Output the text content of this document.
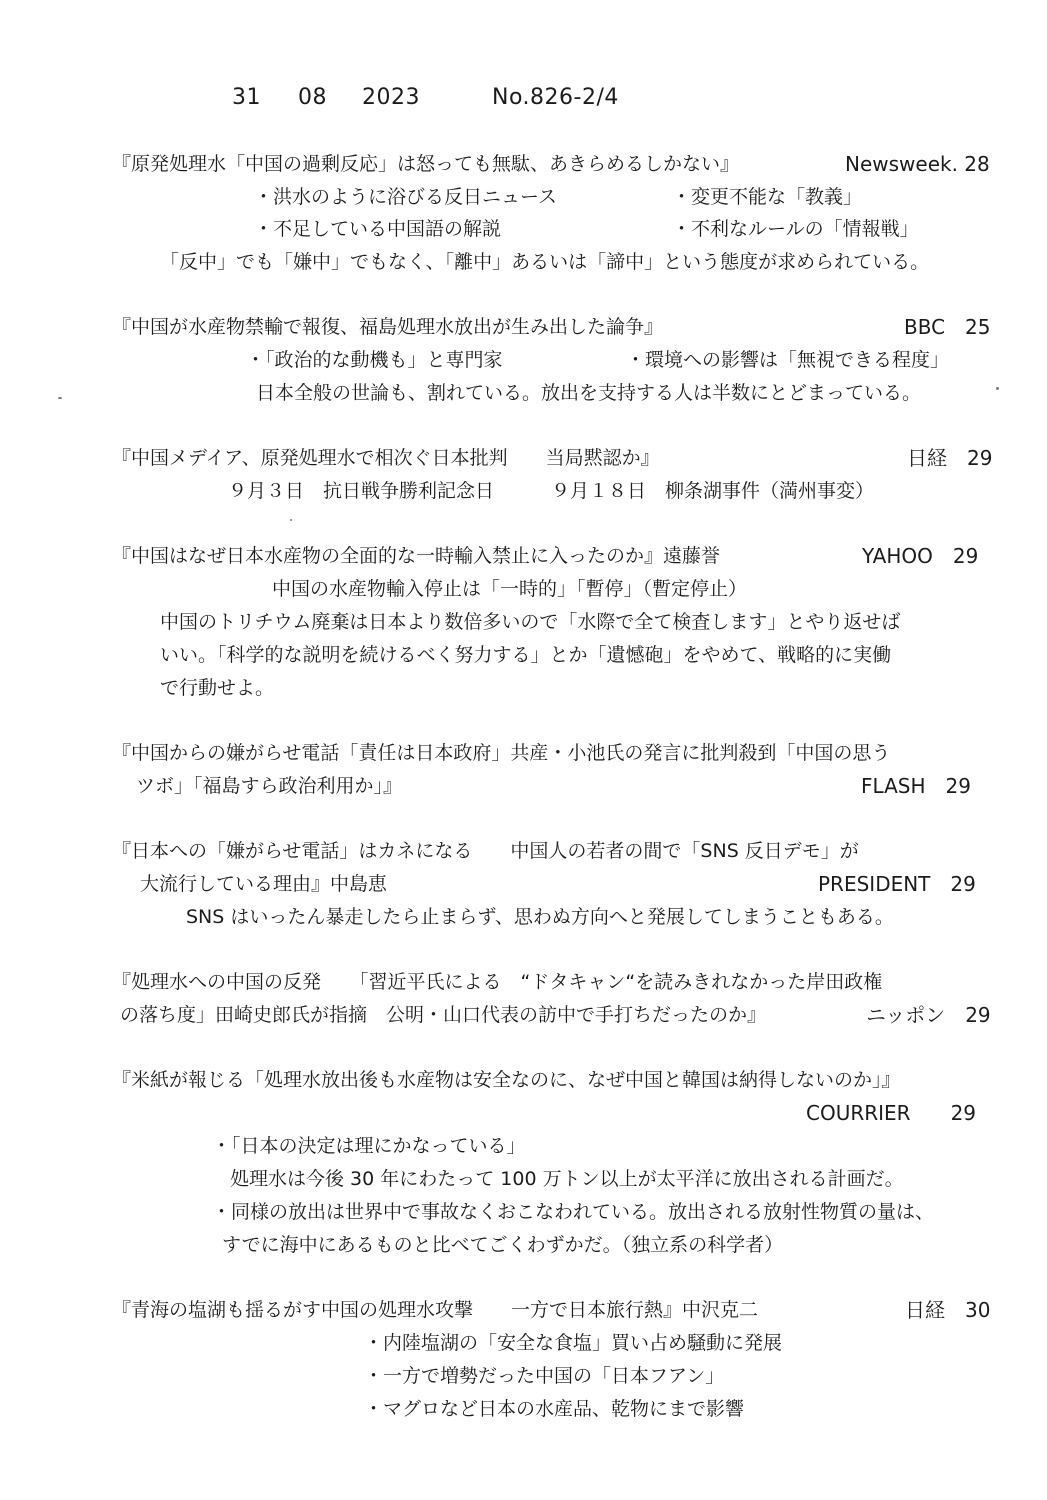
31 08 2023	No.826-2/4
『原発処理水「中国の過剰反応」は怒っても無駄、あきらめるしかない』	Newsweek. 28
・洪水のように浴びる反日ニュース	・変更不能な「教義」
・不足している中国語の解説	・不利なルールの「情報戦」
「反中」でも「嫌中」でもなく、「離中」あるいは「諦中」という態度が求められている。
『中国が水産物禁輸で報復、福島処理水放出が生み出した論争』	BBC　25
・「政治的な動機も」と専門家	・環境への影響は「無視できる程度」
日本全般の世論も、割れている。放出を支持する人は半数にとどまっている。
『中国メデイア、原発処理水で相次ぐ日本批判　　当局黙認か』	日経　29
９月３日　抗日戦争勝利記念日　　　９月１８日　柳条湖事件（満州事変）
『中国はなぜ日本水産物の全面的な一時輸入禁止に入ったのか』遠藤誉	YAHOO　29
中国の水産物輸入停止は「一時的」「暫停」（暫定停止）
中国のトリチウム廃棄は日本より数倍多いので「水際で全て検査します」とやり返せば
いい。「科学的な説明を続けるべく努力する」とか「遺憾砲」をやめて、戦略的に実働
で行動せよ。
『中国からの嫌がらせ電話「責任は日本政府」共産・小池氏の発言に批判殺到「中国の思う
ツボ」「福島すら政治利用か」』	FLASH　29
『日本への「嫌がらせ電話」はカネになる　　中国人の若者の間で「SNS 反日デモ」が
大流行している理由』中島恵	PRESIDENT　29
SNS はいったん暴走したら止まらず、思わぬ方向へと発展してしまうこともある。
『処理水への中国の反発　　「習近平氏による　“ドタキャン“を読みきれなかった岸田政権
の落ち度」田崎史郎氏が指摘　公明・山口代表の訪中で手打ちだったのか』	ニッポン　29
『米紙が報じる「処理水放出後も水産物は安全なのに、なぜ中国と韓国は納得しないのか」』
COURRIER　　29
・「日本の決定は理にかなっている」
処理水は今後 30 年にわたって 100 万トン以上が太平洋に放出される計画だ。
・同様の放出は世界中で事故なくおこなわれている。放出される放射性物質の量は、
すでに海中にあるものと比べてごくわずかだ。（独立系の科学者）
『青海の塩湖も揺るがす中国の処理水攻撃　　一方で日本旅行熱』中沢克二	日経　30
・内陸塩湖の「安全な食塩」買い占め騒動に発展
・一方で増勢だった中国の「日本フアン」
・マグロなど日本の水産品、乾物にまで影響
